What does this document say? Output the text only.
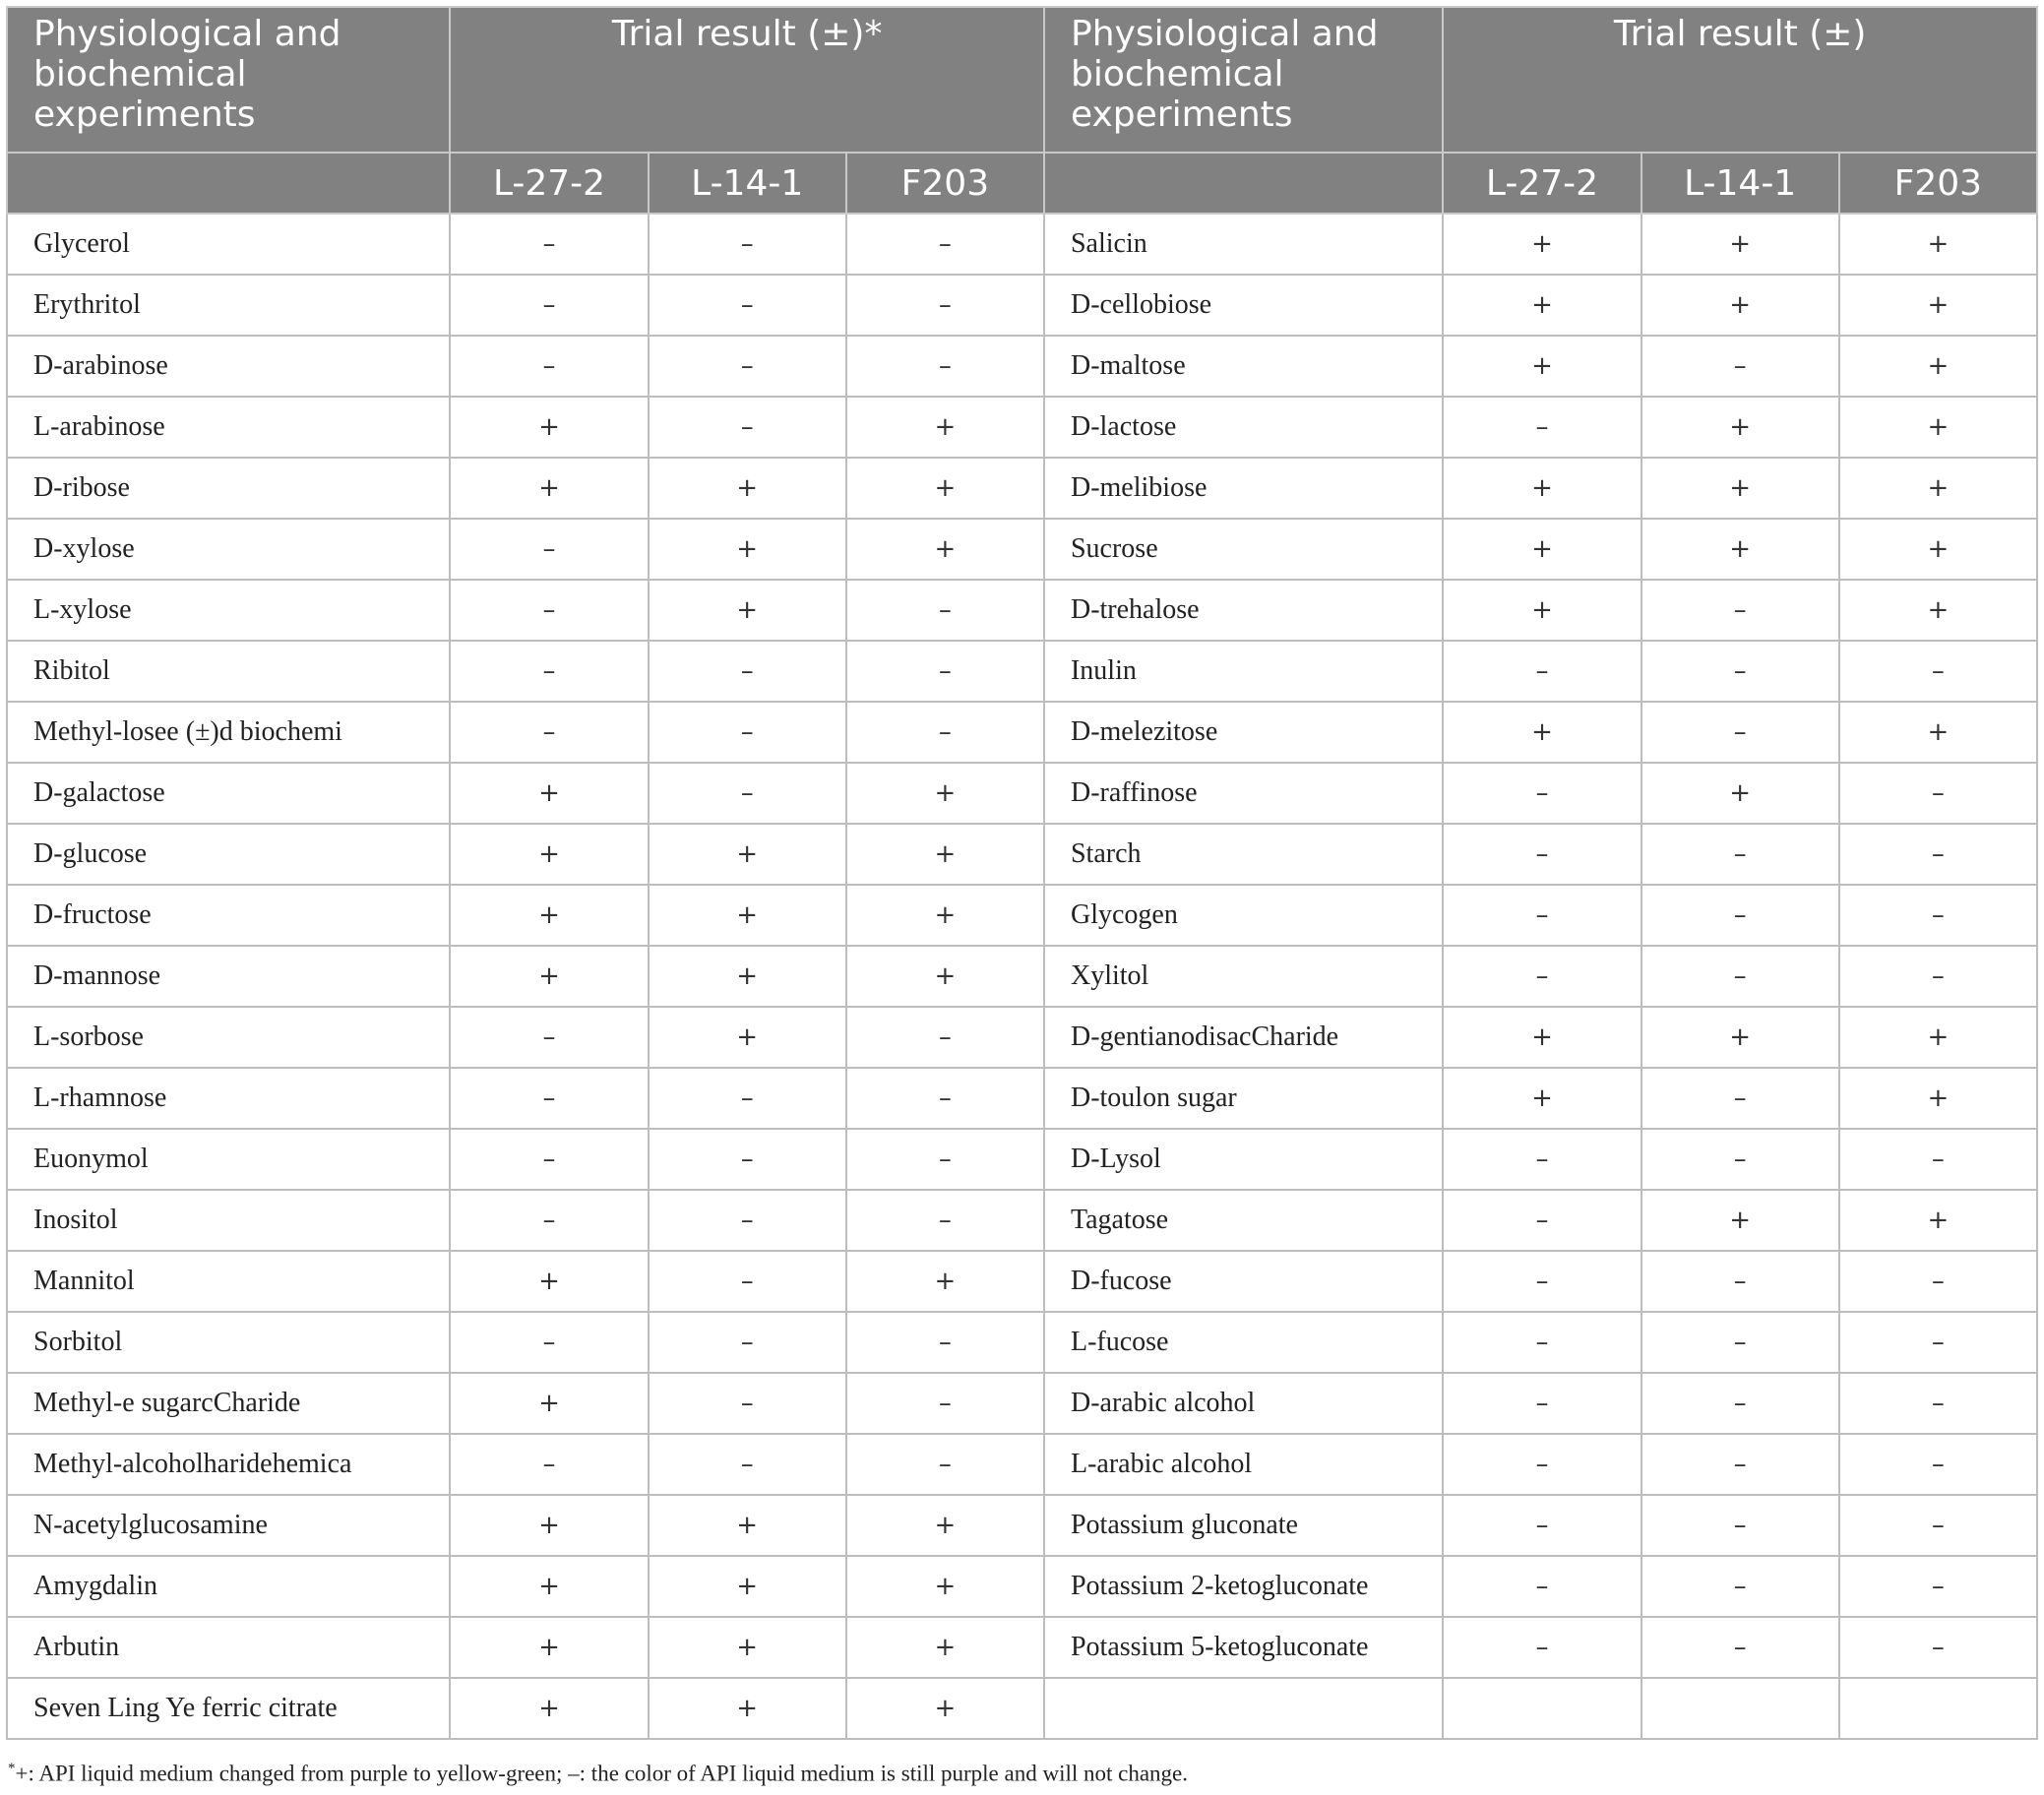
Physiological and biochemical experiments	Trial result (±)*			Physiological and biochemical experiments	Trial result (±)		
	L-27-2	L-14-1	F203		L-27-2	L-14-1	F203
Glycerol	–	–	–	Salicin	+	+	+
Erythritol	–	–	–	D-cellobiose	+	+	+
D-arabinose	–	–	–	D-maltose	+	–	+
L-arabinose	+	–	+	D-lactose	–	+	+
D-ribose	+	+	+	D-melibiose	+	+	+
D-xylose	–	+	+	Sucrose	+	+	+
L-xylose	–	+	–	D-trehalose	+	–	+
Ribitol	–	–	–	Inulin	–	–	–
Methyl-losee (±)d biochemi	–	–	–	D-melezitose	+	–	+
D-galactose	+	–	+	D-raffinose	–	+	–
D-glucose	+	+	+	Starch	–	–	–
D-fructose	+	+	+	Glycogen	–	–	–
D-mannose	+	+	+	Xylitol	–	–	–
L-sorbose	–	+	–	D-gentianodisacCharide	+	+	+
L-rhamnose	–	–	–	D-toulon sugar	+	–	+
Euonymol	–	–	–	D-Lysol	–	–	–
Inositol	–	–	–	Tagatose	–	+	+
Mannitol	+	–	+	D-fucose	–	–	–
Sorbitol	–	–	–	L-fucose	–	–	–
Methyl-e sugarcCharide	+	–	–	D-arabic alcohol	–	–	–
Methyl-alcoholharidehemica	–	–	–	L-arabic alcohol	–	–	–
N-acetylglucosamine	+	+	+	Potassium gluconate	–	–	–
Amygdalin	+	+	+	Potassium 2-ketogluconate	–	–	–
Arbutin	+	+	+	Potassium 5-ketogluconate	–	–	–
Seven Ling Ye ferric citrate	+	+	+				
*+: API liquid medium changed from purple to yellow-green; –: the color of API liquid medium is still purple and will not change.
